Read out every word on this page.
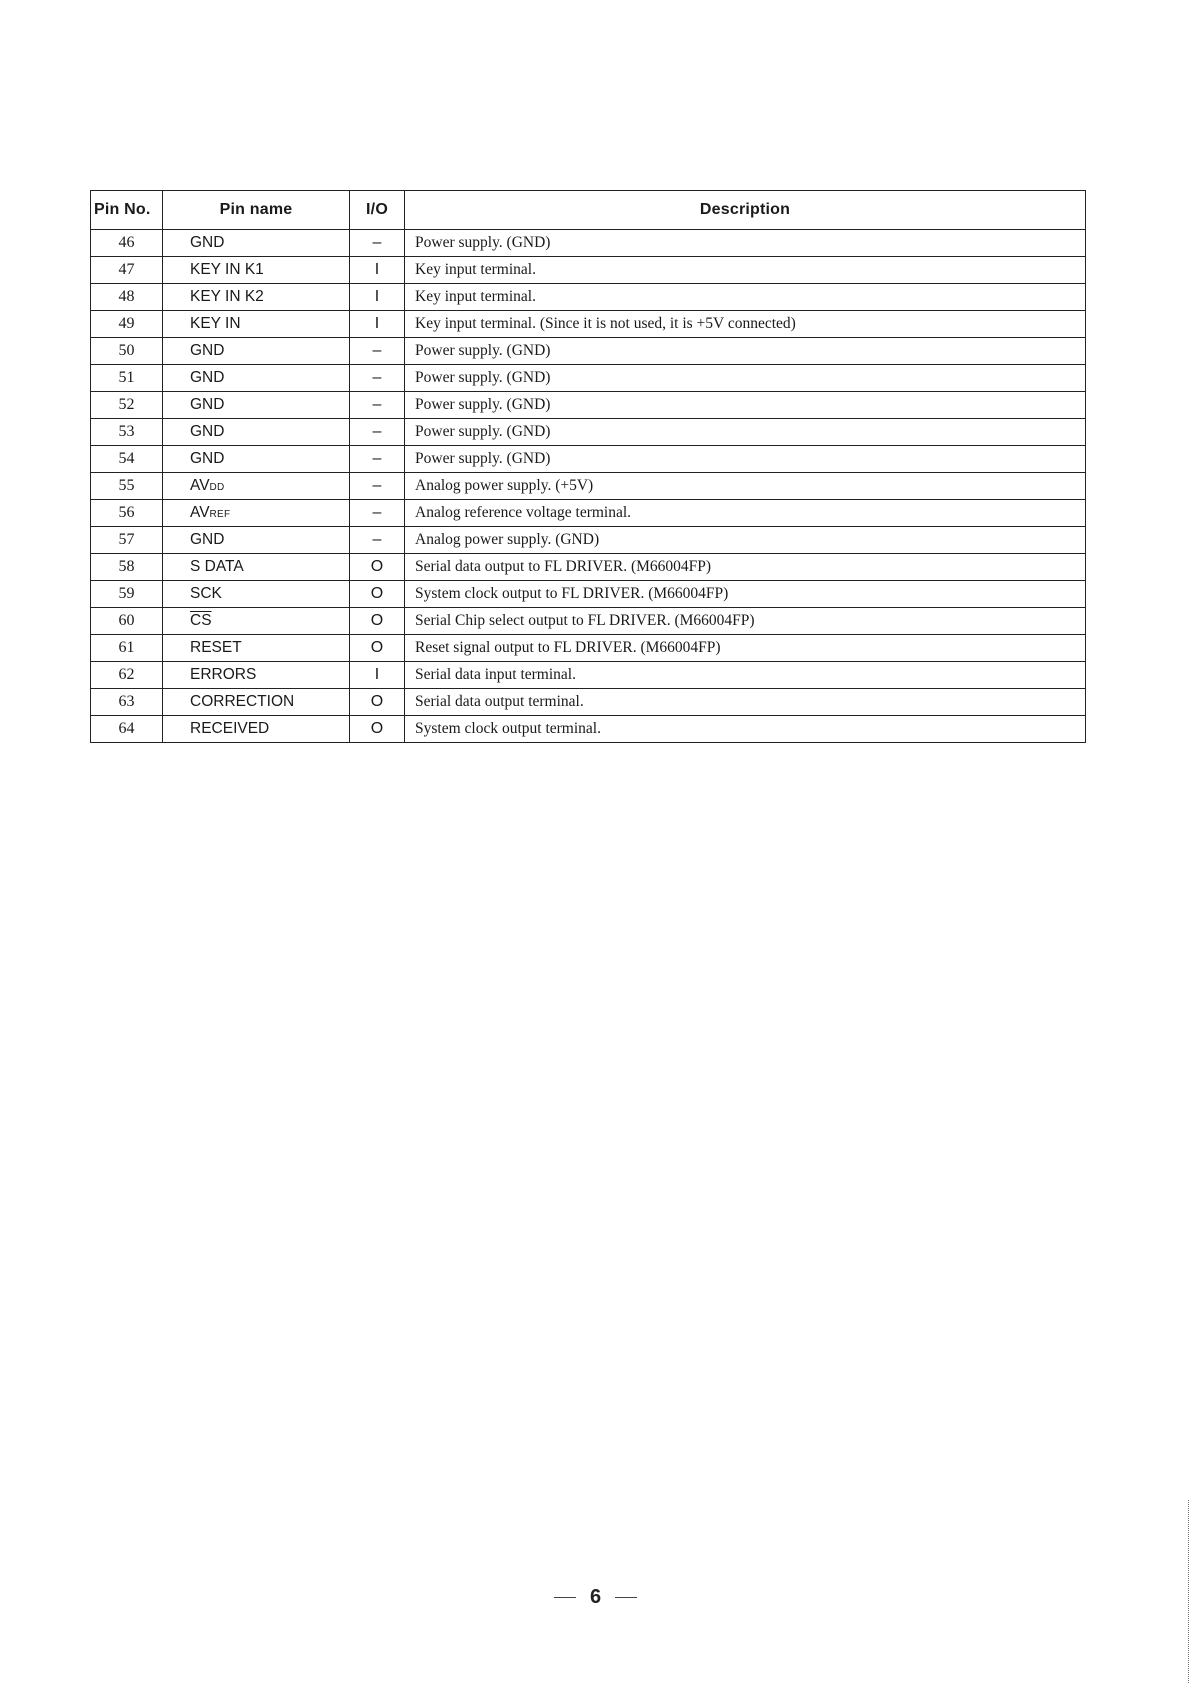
Pin No.	Pin name	I/O	Description
46	GND	–	Power supply. (GND)
47	KEY IN K1	I	Key input terminal.
48	KEY IN K2	I	Key input terminal.
49	KEY IN	I	Key input terminal. (Since it is not used, it is +5V connected)
50	GND	–	Power supply. (GND)
51	GND	–	Power supply. (GND)
52	GND	–	Power supply. (GND)
53	GND	–	Power supply. (GND)
54	GND	–	Power supply. (GND)
55	AVDD	–	Analog power supply. (+5V)
56	AVREF	–	Analog reference voltage terminal.
57	GND	–	Analog power supply. (GND)
58	S DATA	O	Serial data output to FL DRIVER. (M66004FP)
59	SCK	O	System clock output to FL DRIVER. (M66004FP)
60	$\overline{CS}$	O	Serial Chip select output to FL DRIVER. (M66004FP)
61	RESET	O	Reset signal output to FL DRIVER. (M66004FP)
62	ERRORS	I	Serial data input terminal.
63	CORRECTION	O	Serial data output terminal.
64	RECEIVED	O	System clock output terminal.
6
